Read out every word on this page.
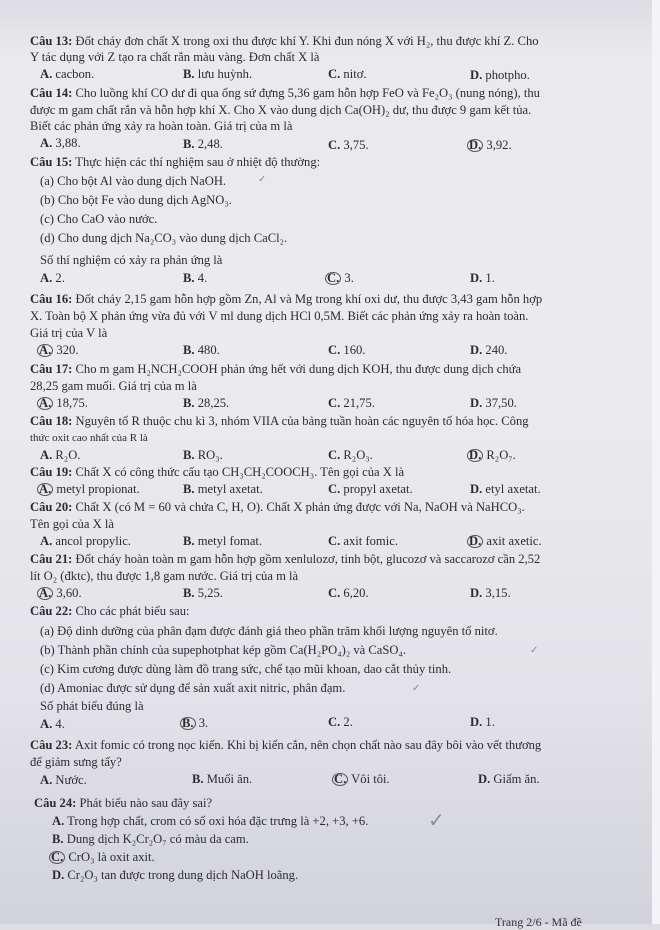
Câu 13: Đốt cháy đơn chất X trong oxi thu được khí Y. Khi đun nóng X với H₂, thu được khí Z. Cho
Y tác dụng với Z tạo ra chất rắn màu vàng. Đơn chất X là
A. cacbon.	B. lưu huỳnh.	C. nitơ.	D. photpho.
Câu 14: Cho luồng khí CO dư đi qua ống sứ đựng 5,36 gam hỗn hợp FeO và Fe₂O₃ (nung nóng), thu
được m gam chất rắn và hỗn hợp khí X. Cho X vào dung dịch Ca(OH)₂ dư, thu được 9 gam kết tủa.
Biết các phản ứng xảy ra hoàn toàn. Giá trị của m là
A. 3,88.	B. 2,48.	C. 3,75.	D. 3,92.
Câu 15: Thực hiện các thí nghiệm sau ở nhiệt độ thường:
(a) Cho bột Al vào dung dịch NaOH.
(b) Cho bột Fe vào dung dịch AgNO₃.
(c) Cho CaO vào nước.
(d) Cho dung dịch Na₂CO₃ vào dung dịch CaCl₂.
Số thí nghiệm có xảy ra phản ứng là
A. 2.	B. 4.	C. 3.	D. 1.
Câu 16: Đốt cháy 2,15 gam hỗn hợp gồm Zn, Al và Mg trong khí oxi dư, thu được 3,43 gam hỗn hợp
X. Toàn bộ X phản ứng vừa đủ với V ml dung dịch HCl 0,5M. Biết các phản ứng xảy ra hoàn toàn.
Giá trị của V là
A. 320.	B. 480.	C. 160.	D. 240.
Câu 17: Cho m gam H₂NCH₂COOH phản ứng hết với dung dịch KOH, thu được dung dịch chứa
28,25 gam muối. Giá trị của m là
A. 18,75.	B. 28,25.	C. 21,75.	D. 37,50.
Câu 18: Nguyên tố R thuộc chu kì 3, nhóm VIIA của bảng tuần hoàn các nguyên tố hóa học. Công
thức oxit cao nhất của R là
A. R₂O.	B. RO₃.	C. R₂O₃.	D. R₂O₇.
Câu 19: Chất X có công thức cấu tạo CH₃CH₂COOCH₃. Tên gọi của X là
A. metyl propionat.	B. metyl axetat.	C. propyl axetat.	D. etyl axetat.
Câu 20: Chất X (có M = 60 và chứa C, H, O). Chất X phản ứng được với Na, NaOH và NaHCO₃.
Tên gọi của X là
A. ancol propylic.	B. metyl fomat.	C. axit fomic.	D. axit axetic.
Câu 21: Đốt cháy hoàn toàn m gam hỗn hợp gồm xenlulozơ, tinh bột, glucozơ và saccarozơ cần 2,52
lít O₂ (đktc), thu được 1,8 gam nước. Giá trị của m là
A. 3,60.	B. 5,25.	C. 6,20.	D. 3,15.
Câu 22: Cho các phát biểu sau:
(a) Độ dinh dưỡng của phân đạm được đánh giá theo phần trăm khối lượng nguyên tố nitơ.
(b) Thành phần chính của supephotphat kép gồm Ca(H₂PO₄)₂ và CaSO₄.
(c) Kim cương được dùng làm đồ trang sức, chế tạo mũi khoan, dao cắt thủy tinh.
(d) Amoniac được sử dụng để sản xuất axit nitric, phân đạm.
Số phát biểu đúng là
A. 4.	B. 3.	C. 2.	D. 1.
Câu 23: Axit fomic có trong nọc kiến. Khi bị kiến cắn, nên chọn chất nào sau đây bôi vào vết thương
để giảm sưng tấy?
A. Nước.	B. Muối ăn.	C. Vôi tôi.	D. Giấm ăn.
Câu 24: Phát biểu nào sau đây sai?
A. Trong hợp chất, crom có số oxi hóa đặc trưng là +2, +3, +6.
B. Dung dịch K₂Cr₂O₇ có màu da cam.
C. CrO₃ là oxit axit.
D. Cr₂O₃ tan được trong dung dịch NaOH loãng.
✓
✓
✓
✓
Trang 2/6 - Mã đề
